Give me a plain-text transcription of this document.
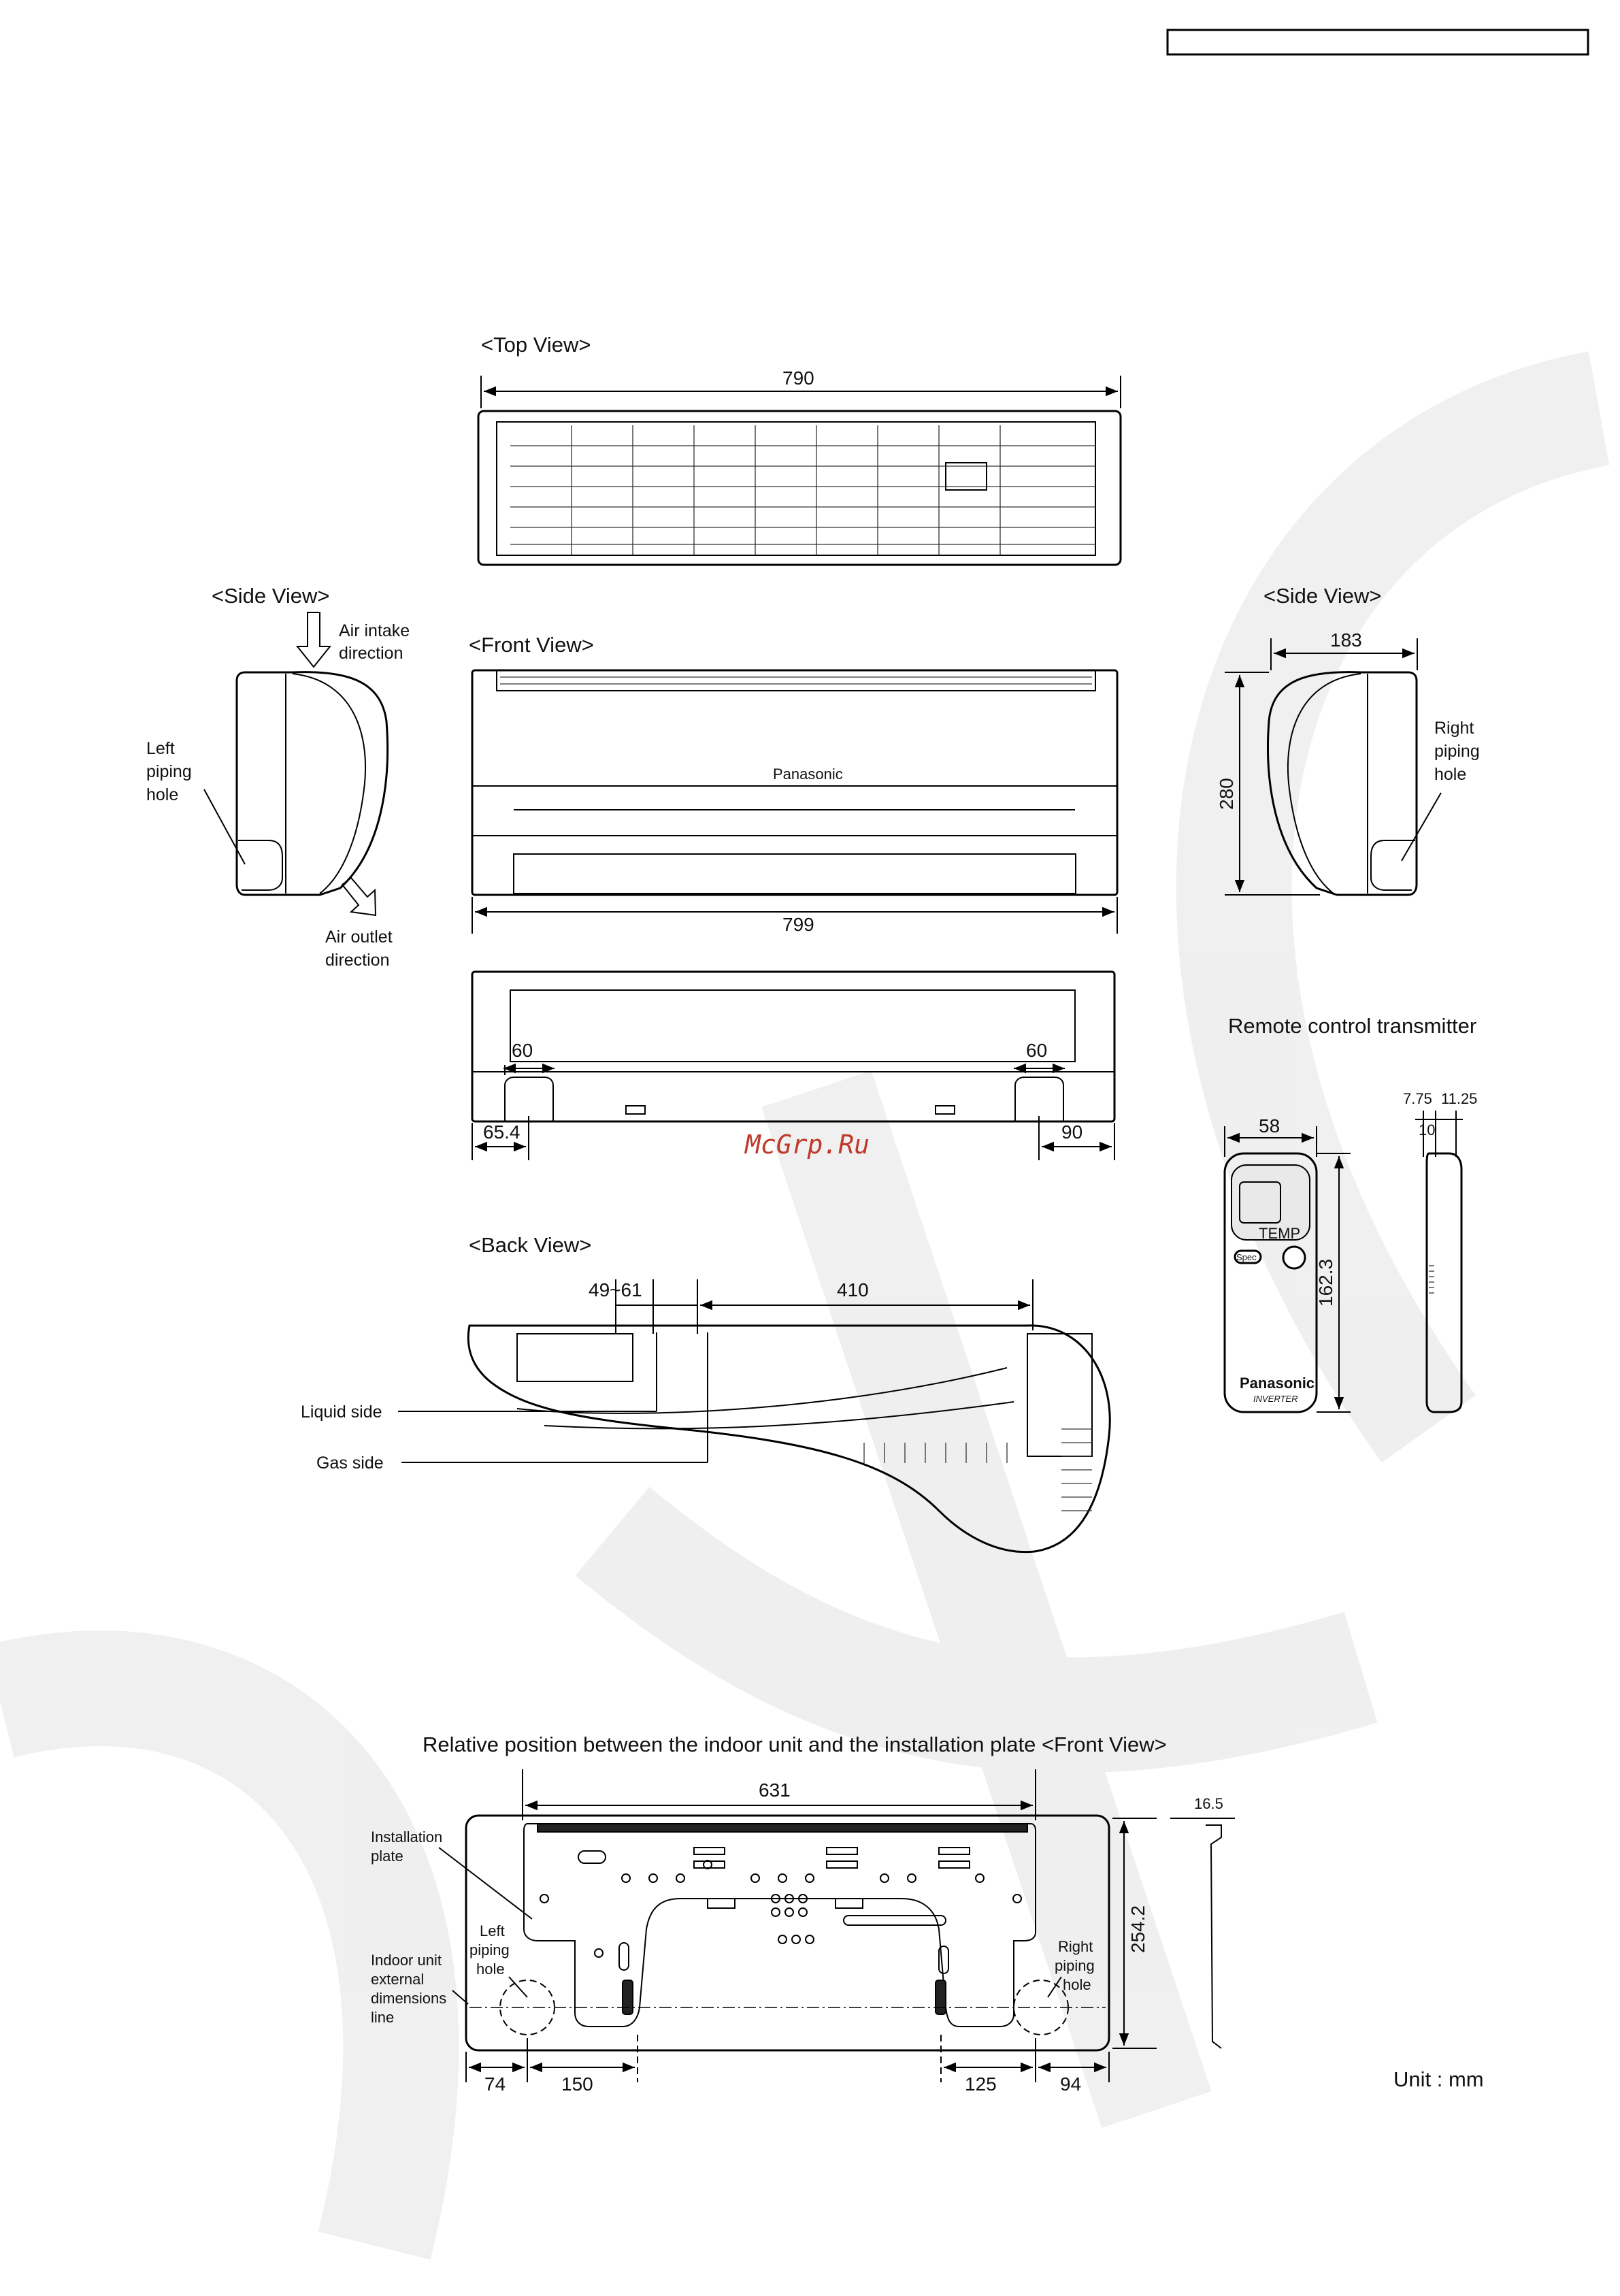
<Top View>
790
<Side View>
Air intake
direction
Left
piping
hole
Air outlet
direction
<Front View>
Panasonic
799
<Side View>
183
280
Right
piping
hole
60	60
65.4	90
McGrp.Ru
Remote control transmitter
58
TEMP
Spec
Panasonic
INVERTER
162.3
7.75 11.25
10
<Back View>
49~61	410
Liquid side
Gas side
Relative position between the indoor unit and the installation plate <Front View>
631
Installation
plate
Left
piping
hole
Right
piping
hole
Indoor unit
external
dimensions
line
254.2
16.5
74	150	125	94	Unit : mm
